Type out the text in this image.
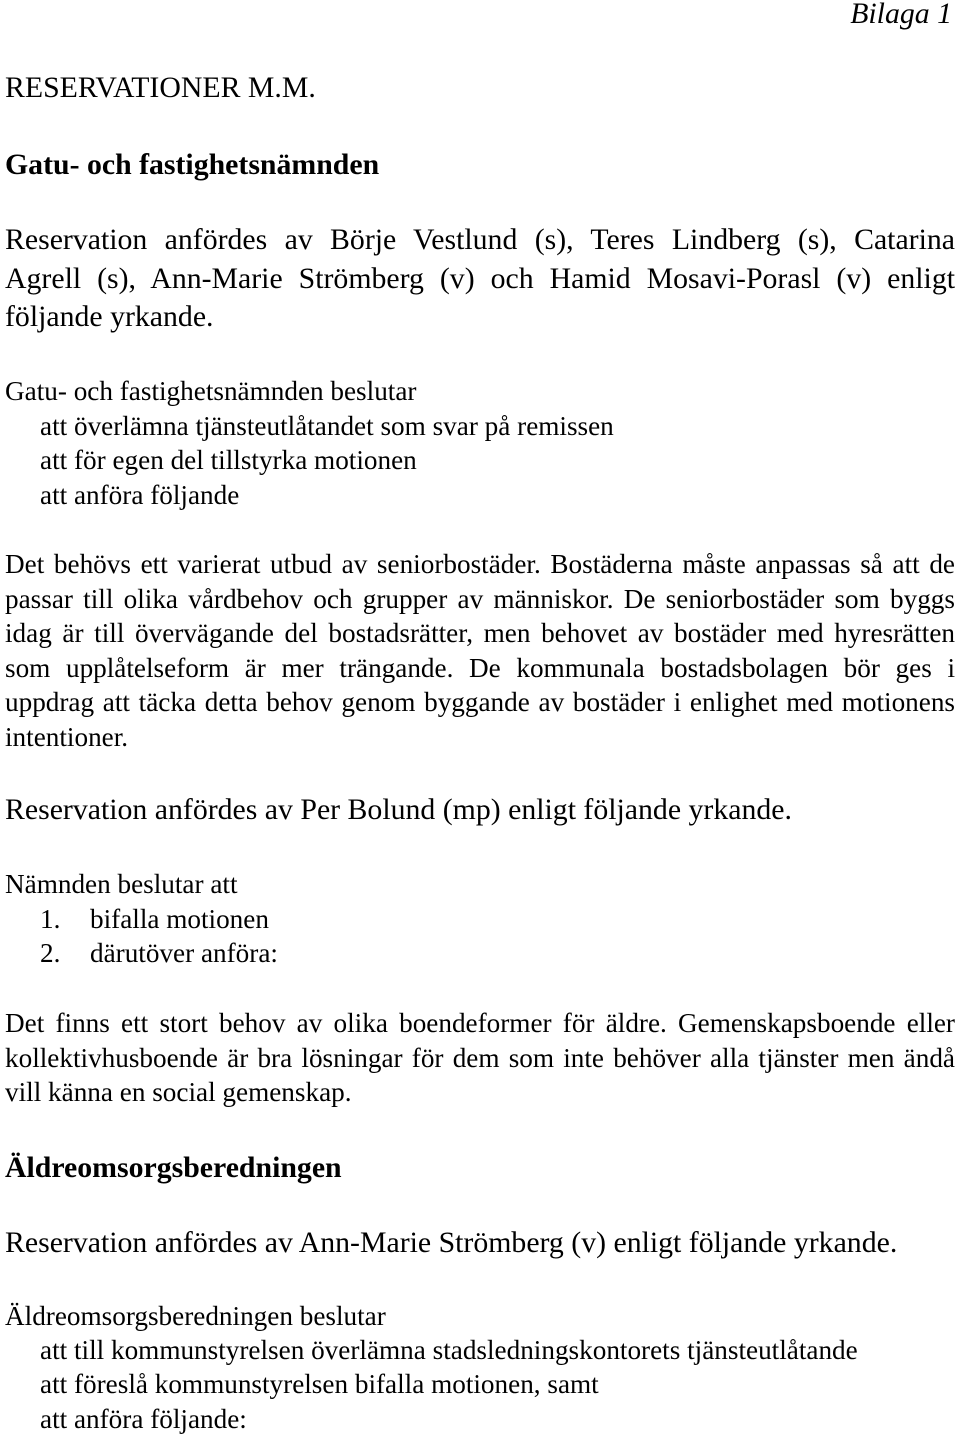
Bilaga 1
RESERVATIONER M.M.
Gatu- och fastighetsnämnden
Reservation anfördes av Börje Vestlund (s), Teres Lindberg (s), Catarina
Agrell (s), Ann-Marie Strömberg (v) och Hamid Mosavi-Porasl (v) enligt
följande yrkande.
Gatu- och fastighetsnämnden beslutar
att överlämna tjänsteutlåtandet som svar på remissen
att för egen del tillstyrka motionen
att anföra följande
Det behövs ett varierat utbud av seniorbostäder. Bostäderna måste anpassas så att de
passar till olika vårdbehov och grupper av människor. De seniorbostäder som byggs
idag är till övervägande del bostadsrätter, men behovet av bostäder med hyresrätten
som upplåtelseform är mer trängande. De kommunala bostadsbolagen bör ges i
uppdrag att täcka detta behov genom byggande av bostäder i enlighet med motionens
intentioner.
Reservation anfördes av Per Bolund (mp) enligt följande yrkande.
Nämnden beslutar att
1. bifalla motionen
2. därutöver anföra:
Det finns ett stort behov av olika boendeformer för äldre. Gemenskapsboende eller
kollektivhusboende är bra lösningar för dem som inte behöver alla tjänster men ändå
vill känna en social gemenskap.
Äldreomsorgsberedningen
Reservation anfördes av Ann-Marie Strömberg (v) enligt följande yrkande.
Äldreomsorgsberedningen beslutar
att till kommunstyrelsen överlämna stadsledningskontorets tjänsteutlåtande
att föreslå kommunstyrelsen bifalla motionen, samt
att anföra följande:
